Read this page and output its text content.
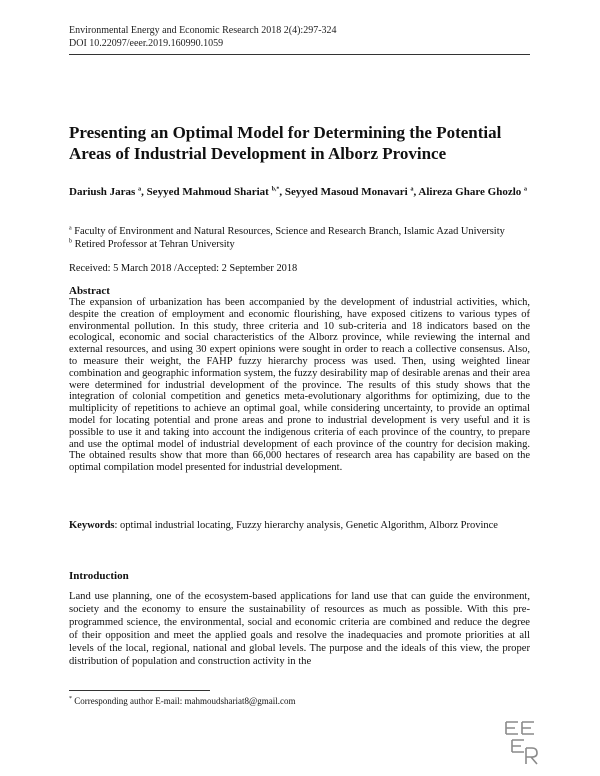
Environmental Energy and Economic Research 2018 2(4):297-324
DOI 10.22097/eeer.2019.160990.1059
Presenting an Optimal Model for Determining the Potential Areas of Industrial Development in Alborz Province
Dariush Jaras $^a$, Seyyed Mahmoud Shariat $^{b,*}$, Seyyed Masoud Monavari $^a$, Alireza Ghare Ghozlo $^a$
$^a$ Faculty of Environment and Natural Resources, Science and Research Branch, Islamic Azad University
$^b$ Retired Professor at Tehran University
Received: 5 March 2018 /Accepted: 2 September 2018
Abstract
The expansion of urbanization has been accompanied by the development of industrial activities, which, despite the creation of employment and economic flourishing, have exposed citizens to various types of environmental pollution. In this study, three criteria and 10 sub-criteria and 18 indicators based on the ecological, economic and social characteristics of the Alborz province, while reviewing the internal and external resources, and using 30 expert opinions were sought in order to reach a collective consensus. Also, to measure their weight, the FAHP fuzzy hierarchy process was used. Then, using weighted linear combination and geographic information system, the fuzzy desirability map of desirable arenas and their area were determined for industrial development of the province. The results of this study shows that the integration of colonial competition and genetics meta-evolutionary algorithms for optimizing, due to the multiplicity of repetitions to achieve an optimal goal, while considering uncertainty, to provide an optimal model for locating potential and prone areas and prone to industrial development is very useful and it is possible to use it and taking into account the indigenous criteria of each province of the country, to prepare and use the optimal model of industrial development of each province of the country for decision making. The obtained results show that more than 66,000 hectares of research area has capability are based on the optimal compilation model presented for industrial development.
Keywords: optimal industrial locating, Fuzzy hierarchy analysis, Genetic Algorithm, Alborz Province
Introduction
Land use planning, one of the ecosystem-based applications for land use that can guide the environment, society and the economy to ensure the sustainability of resources as much as possible. With this pre-programmed science, the environmental, social and economic criteria are combined and reduce the degree of their opposition and meet the applied goals and resolve the inadequacies and promote priorities at all levels of the local, regional, national and global levels. The purpose and the ideals of this view, the proper distribution of population and construction activity in the
* Corresponding author E-mail: mahmoudshariat8@gmail.com
